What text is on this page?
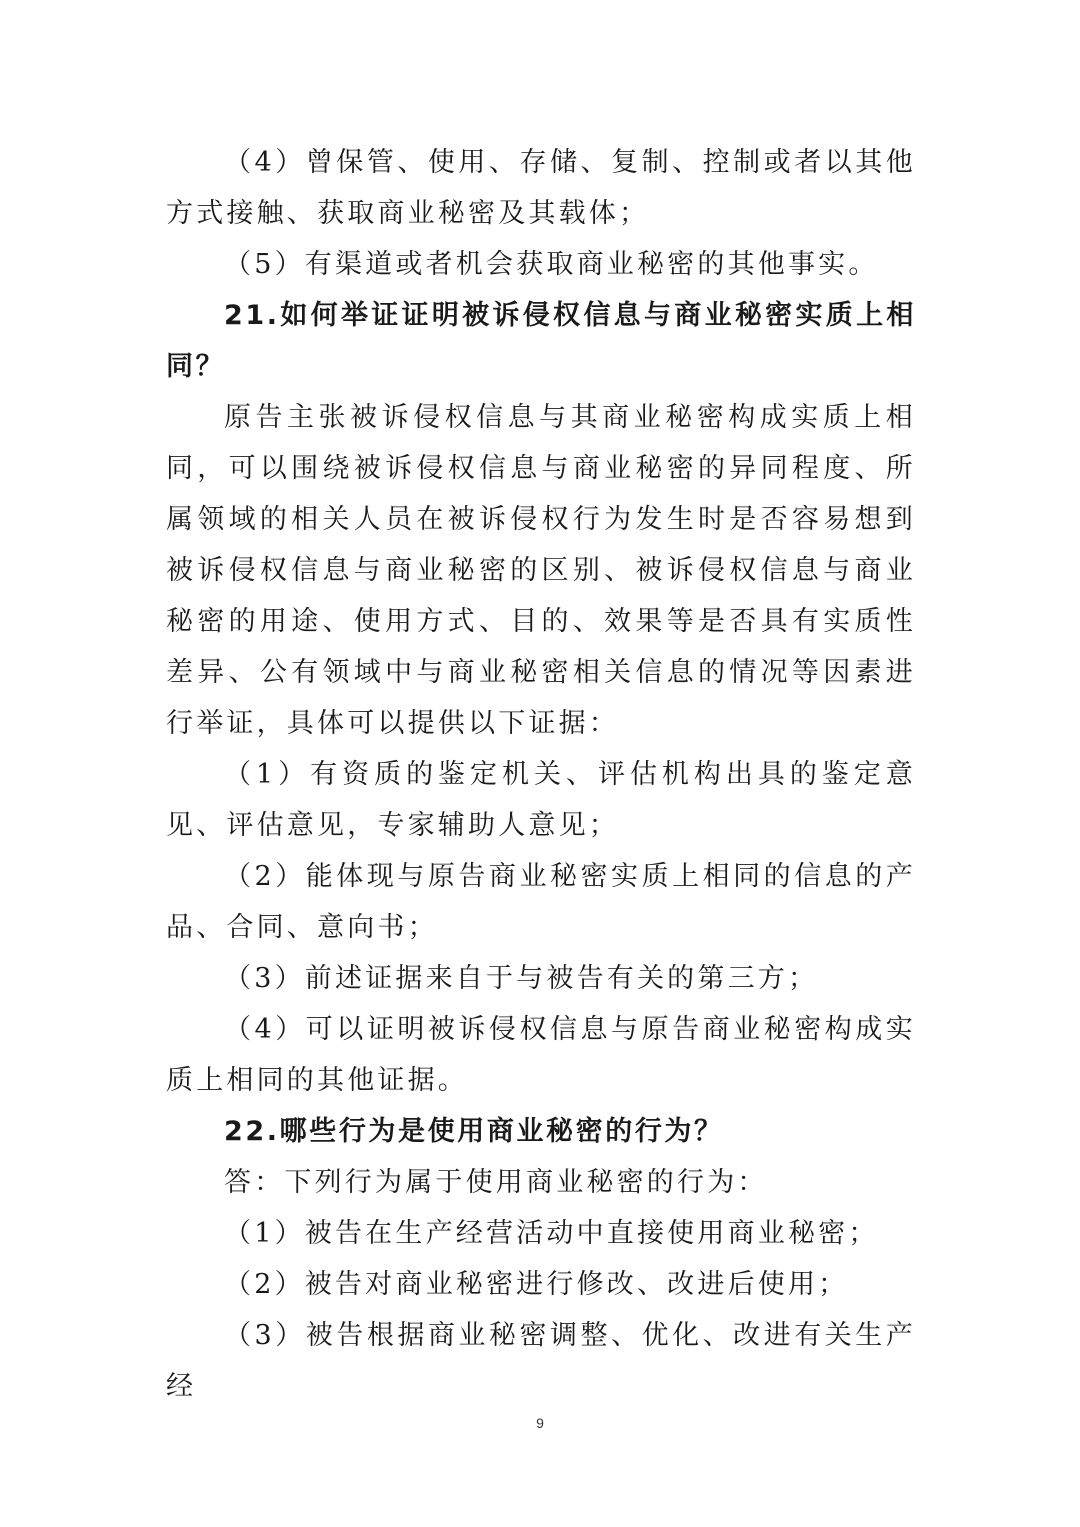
（4）曾保管、使用、存储、复制、控制或者以其他方式接触、获取商业秘密及其载体；

（5）有渠道或者机会获取商业秘密的其他事实。

21.如何举证证明被诉侵权信息与商业秘密实质上相同？

原告主张被诉侵权信息与其商业秘密构成实质上相同，可以围绕被诉侵权信息与商业秘密的异同程度、所属领域的相关人员在被诉侵权行为发生时是否容易想到被诉侵权信息与商业秘密的区别、被诉侵权信息与商业秘密的用途、使用方式、目的、效果等是否具有实质性差异、公有领域中与商业秘密相关信息的情况等因素进行举证，具体可以提供以下证据：

（1）有资质的鉴定机关、评估机构出具的鉴定意见、评估意见，专家辅助人意见；

（2）能体现与原告商业秘密实质上相同的信息的产品、合同、意向书；

（3）前述证据来自于与被告有关的第三方；

（4）可以证明被诉侵权信息与原告商业秘密构成实质上相同的其他证据。

22.哪些行为是使用商业秘密的行为？

答：下列行为属于使用商业秘密的行为：

（1）被告在生产经营活动中直接使用商业秘密；

（2）被告对商业秘密进行修改、改进后使用；

（3）被告根据商业秘密调整、优化、改进有关生产经

9
